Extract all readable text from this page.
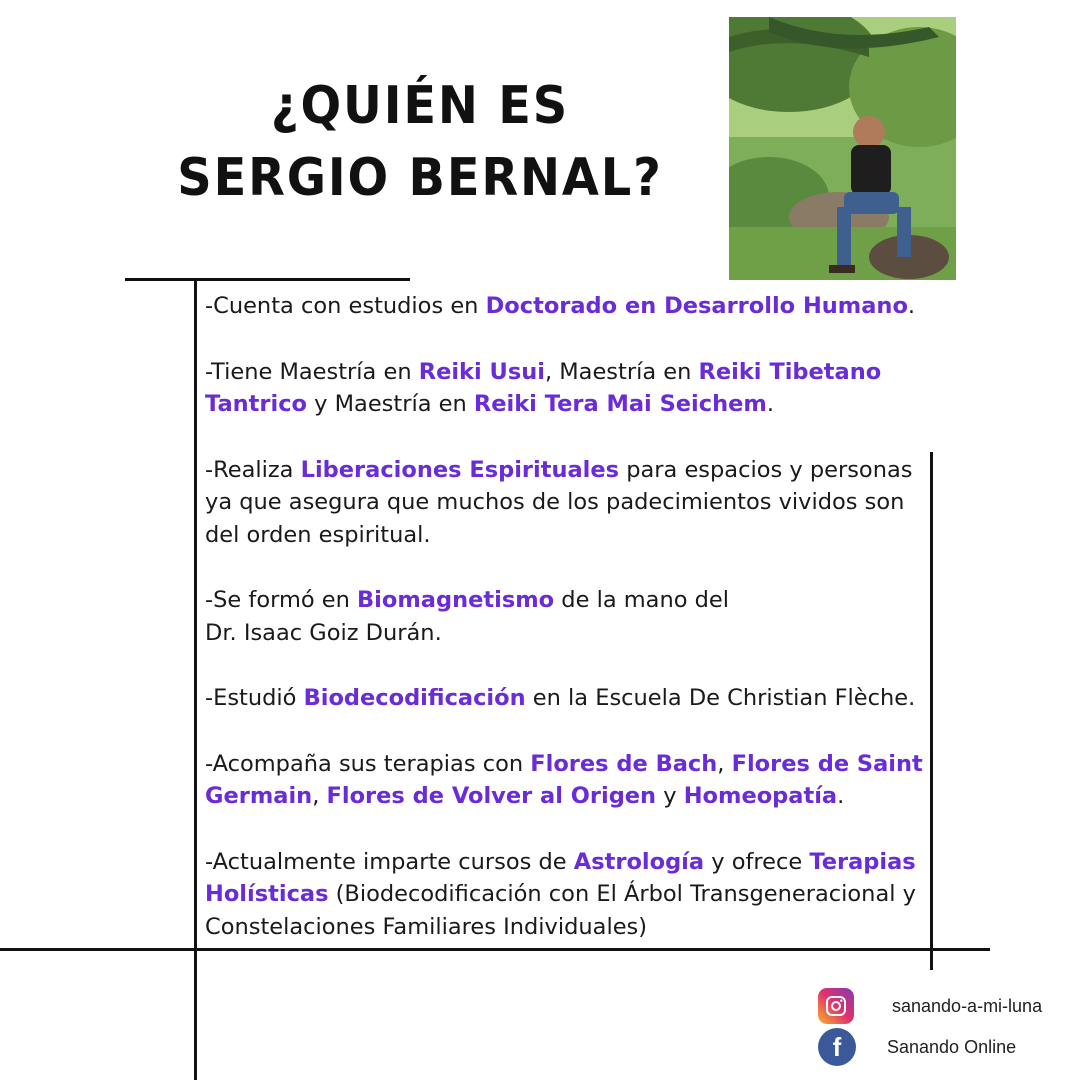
¿QUIÉN ES
SERGIO BERNAL?

-Cuenta con estudios en Doctorado en Desarrollo Humano.

-Tiene Maestría en Reiki Usui, Maestría en Reiki Tibetano Tantrico y Maestría en Reiki Tera Mai Seichem.

-Realiza Liberaciones Espirituales para espacios y personas ya que asegura que muchos de los padecimientos vividos son del orden espiritual.

-Se formó en Biomagnetismo de la mano del
Dr. Isaac Goiz Durán.

-Estudió Biodecodificación en la Escuela De Christian Flèche.

-Acompaña sus terapias con Flores de Bach, Flores de Saint Germain, Flores de Volver al Origen y Homeopatía.

-Actualmente imparte cursos de Astrología y ofrece Terapias Holísticas (Biodecodificación con El Árbol Transgeneracional y Constelaciones Familiares Individuales)

sanando-a-mi-luna
f	Sanando Online
